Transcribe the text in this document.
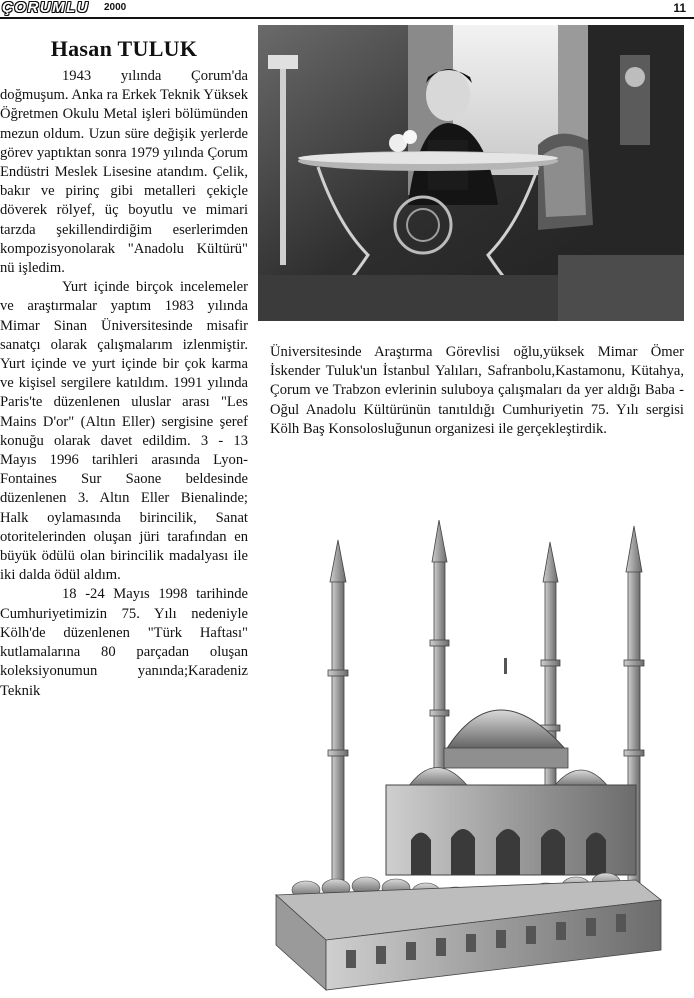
ÇORUMLU 2000	11
Hasan TULUK

1943 yılında Çorum'da doğmuşum. Anka ra Erkek Teknik Yüksek Öğretmen Okulu Metal işleri bölümünden mezun oldum. Uzun süre değişik yerlerde görev yaptıktan sonra 1979 yılında Çorum Endüstri Meslek Lisesine atandım. Çelik, bakır ve pirinç gibi metalleri çekiçle döverek rölyef, üç boyutlu ve mimari tarzda şekillendirdiğim eserlerimden kompozisyonolarak "Anadolu Kültürü" nü işledim.

Yurt içinde birçok incelemeler ve araştırmalar yaptım 1983 yılında Mimar Sinan Üniversitesinde misafir sanatçı olarak çalışmalarım izlenmiştir. Yurt içinde ve yurt içinde bir çok karma ve kişisel sergilere katıldım. 1991 yılında Paris'te düzenlenen uluslar arası "Les Mains D'or" (Altın Eller) sergisine şeref konuğu olarak davet edildim. 3 - 13 Mayıs 1996 tarihleri arasında Lyon-Fontaines Sur Saone beldesinde düzenlenen 3. Altın Eller Bienalinde; Halk oylamasında birincilik, Sanat otoritelerinden oluşan jüri tarafından en büyük ödülü olan birincilik madalyası ile iki dalda ödül aldım.

18 -24 Mayıs 1998 tarihinde Cumhuriyetimizin 75. Yılı nedeniyle Kölh'de düzenlenen "Türk Haftası" kutlamalarına 80 parçadan oluşan koleksiyonumun yanında;Karadeniz Teknik

Üniversitesinde Araştırma Görevlisi oğlu,yüksek Mimar Ömer İskender Tuluk'un İstanbul Yalıları, Safranbolu,Kastamonu, Kütahya, Çorum ve Trabzon evlerinin suluboya çalışmaları da yer aldığı Baba -Oğul Anadolu Kültürünün tanıtıldığı Cumhuriyetin 75. Yılı sergisi Kölh Baş Konsolosluğunun organizesi ile gerçekleştirdik.
